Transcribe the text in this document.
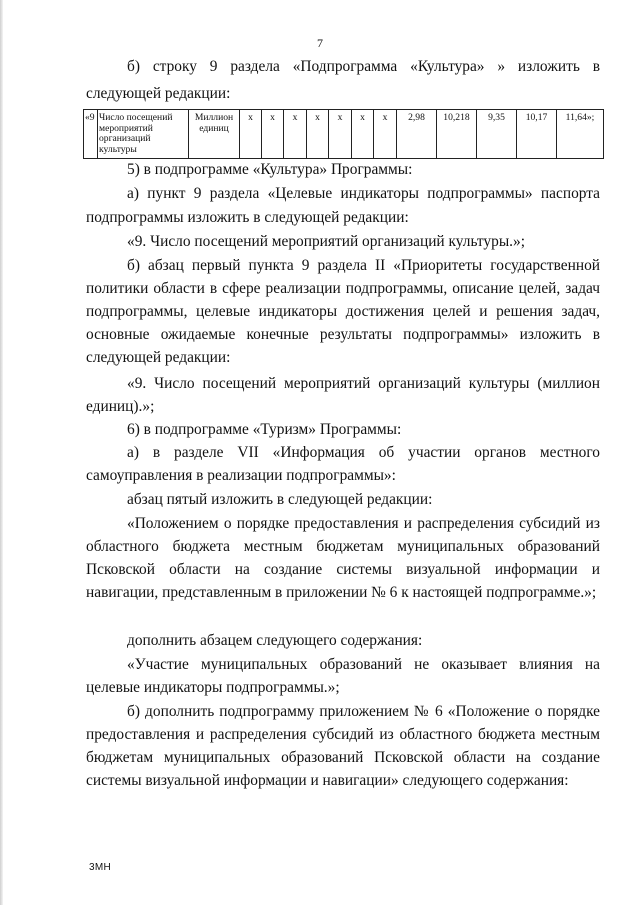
7

б) строку 9 раздела «Подпрограмма «Культура» » изложить в

следующей редакции:

«9	Число посещений мероприятий организаций культуры	Миллион единиц	х	х	х	х	х	х	х	2,98	10,218	9,35	10,17	11,64»;

5) в подпрограмме «Культура» Программы:

а) пункт 9 раздела «Целевые индикаторы подпрограммы» паспорта

подпрограммы изложить в следующей редакции:

«9. Число посещений мероприятий организаций культуры.»;

б) абзац первый пункта 9 раздела II «Приоритеты государственной политики области в сфере реализации подпрограммы, описание целей, задач подпрограммы, целевые индикаторы достижения целей и решения задач, основные ожидаемые конечные результаты подпрограммы» изложить в следующей редакции:

«9. Число посещений мероприятий организаций культуры (миллион единиц).»;

6) в подпрограмме «Туризм» Программы:

а) в разделе VII «Информация об участии органов местного самоуправления в реализации подпрограммы»:

абзац пятый изложить в следующей редакции:

«Положением о порядке предоставления и распределения субсидий из областного бюджета местным бюджетам муниципальных образований Псковской области на создание системы визуальной информации и навигации, представленным в приложении № 6 к настоящей подпрограмме.»;

дополнить абзацем следующего содержания:

«Участие муниципальных образований не оказывает влияния на целевые индикаторы подпрограммы.»;

б) дополнить подпрограмму приложением № 6 «Положение о порядке предоставления и распределения субсидий из областного бюджета местным бюджетам муниципальных образований Псковской области на создание системы визуальной информации и навигации» следующего содержания:

3МН
